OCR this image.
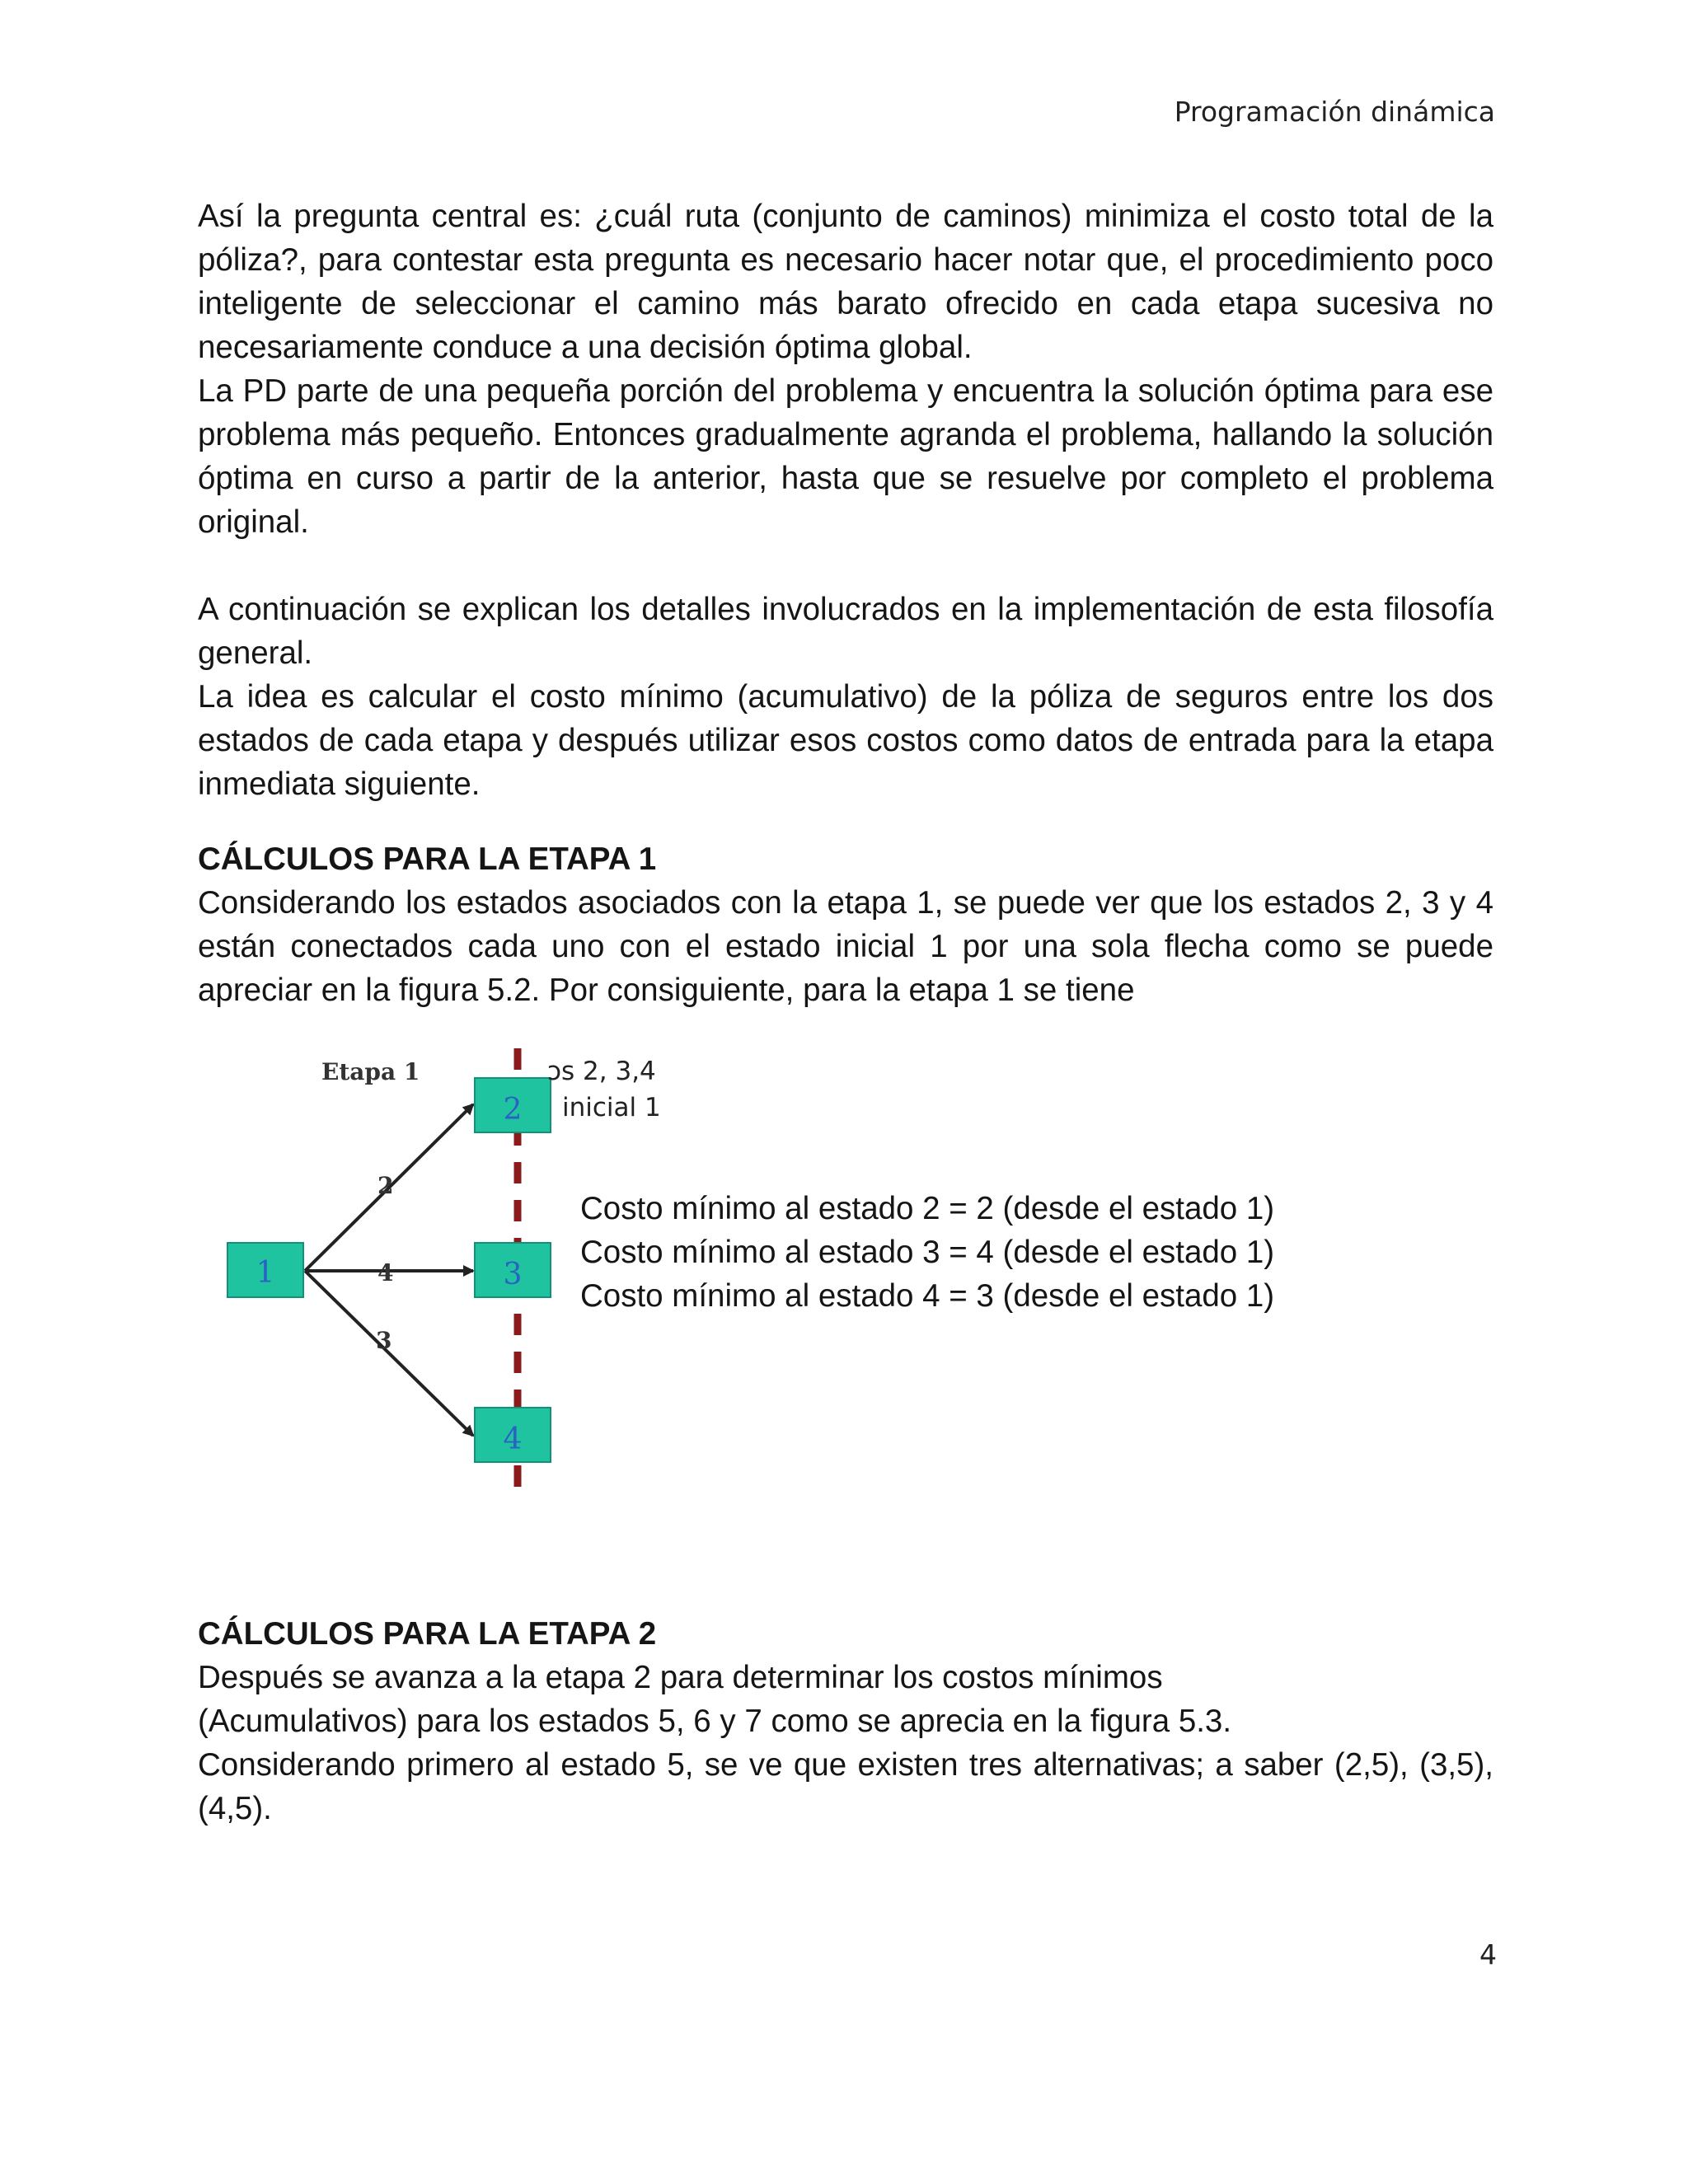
Programación dinámica

Así la pregunta central es: ¿cuál ruta (conjunto de caminos) minimiza el costo total de la póliza?, para contestar esta pregunta es necesario hacer notar que, el procedimiento poco inteligente de seleccionar el camino más barato ofrecido en cada etapa sucesiva no necesariamente conduce a una decisión óptima global.

La PD parte de una pequeña porción del problema y encuentra la solución óptima para ese problema más pequeño. Entonces gradualmente agranda el problema, hallando la solución óptima en curso a partir de la anterior, hasta que se resuelve por completo el problema original.

A continuación se explican los detalles involucrados en la implementación de esta filosofía general.

La idea es calcular el costo mínimo (acumulativo) de la póliza de seguros entre los dos estados de cada etapa y después utilizar esos costos como datos de entrada para la etapa inmediata siguiente.

CÁLCULOS PARA LA ETAPA 1

Considerando los estados asociados con la etapa 1, se puede ver que los estados 2, 3 y 4 están conectados cada uno con el estado inicial 1 por una sola flecha como se puede apreciar en la figura 5.2. Por consiguiente, para la etapa 1 se tiene

Etapa 1
2
4
3
1
2
3
4
ɔs 2, 3,4
inicial 1

Costo mínimo al estado 2 = 2 (desde el estado 1)

Costo mínimo al estado 3 = 4 (desde el estado 1)

Costo mínimo al estado 4 = 3 (desde el estado 1)

CÁLCULOS PARA LA ETAPA 2

Después se avanza a la etapa 2 para determinar los costos mínimos

(Acumulativos) para los estados 5, 6 y 7 como se aprecia en la figura 5.3.

Considerando primero al estado 5, se ve que existen tres alternativas; a saber (2,5), (3,5), (4,5).

4
